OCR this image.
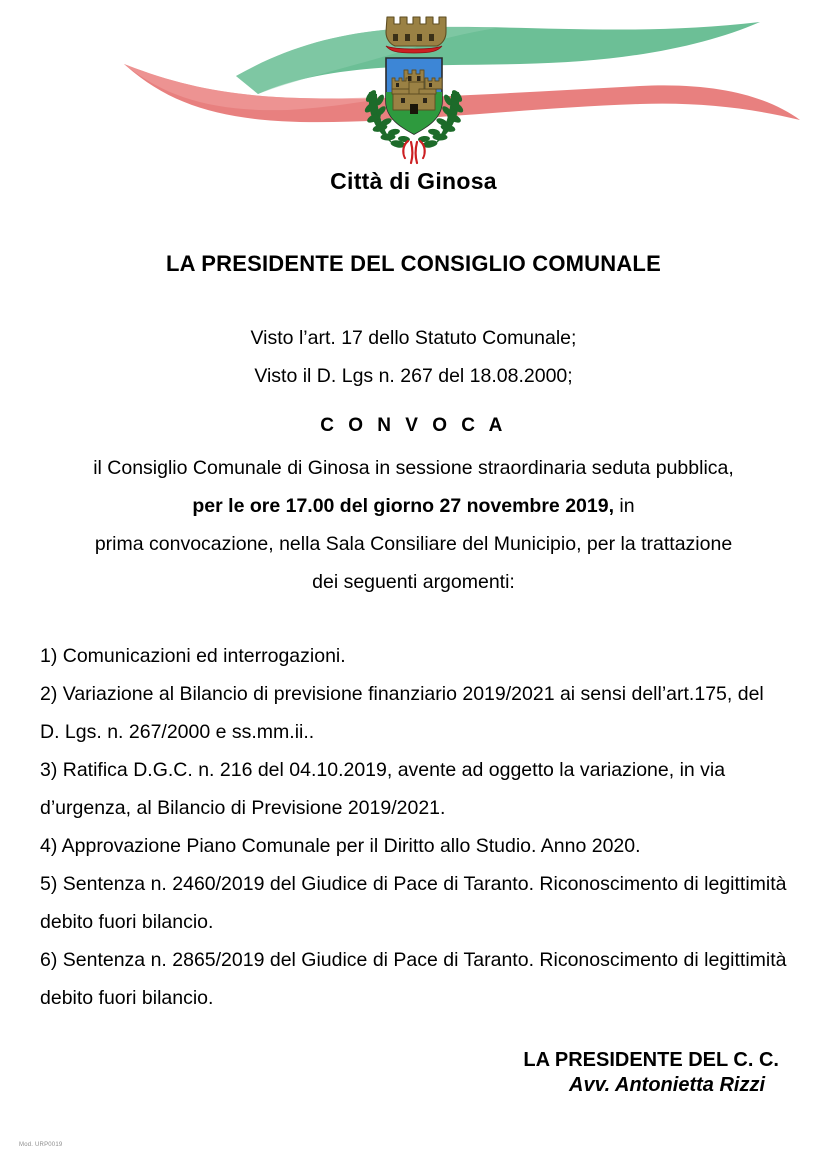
Città di Ginosa
LA PRESIDENTE DEL CONSIGLIO COMUNALE
Visto l’art. 17 dello Statuto Comunale;
Visto il D. Lgs n. 267 del 18.08.2000;
C O N V O C A
il Consiglio Comunale di Ginosa in sessione straordinaria seduta pubblica,
per le ore 17.00 del giorno 27 novembre 2019, in
prima convocazione, nella Sala Consiliare del Municipio, per la trattazione
dei seguenti argomenti:

1) Comunicazioni ed interrogazioni.

2) Variazione al Bilancio di previsione finanziario 2019/2021 ai sensi dell’art.175, del D. Lgs. n. 267/2000 e ss.mm.ii..

3) Ratifica D.G.C. n. 216 del 04.10.2019, avente ad oggetto la variazione, in via d’urgenza, al Bilancio di Previsione 2019/2021.

4) Approvazione Piano Comunale per il Diritto allo Studio. Anno 2020.

5) Sentenza n. 2460/2019 del Giudice di Pace di Taranto. Riconoscimento di legittimità debito fuori bilancio.

6) Sentenza n. 2865/2019 del Giudice di Pace di Taranto. Riconoscimento di legittimità debito fuori bilancio.

LA PRESIDENTE DEL C. C.
Avv. Antonietta Rizzi
Mod. URP0019
